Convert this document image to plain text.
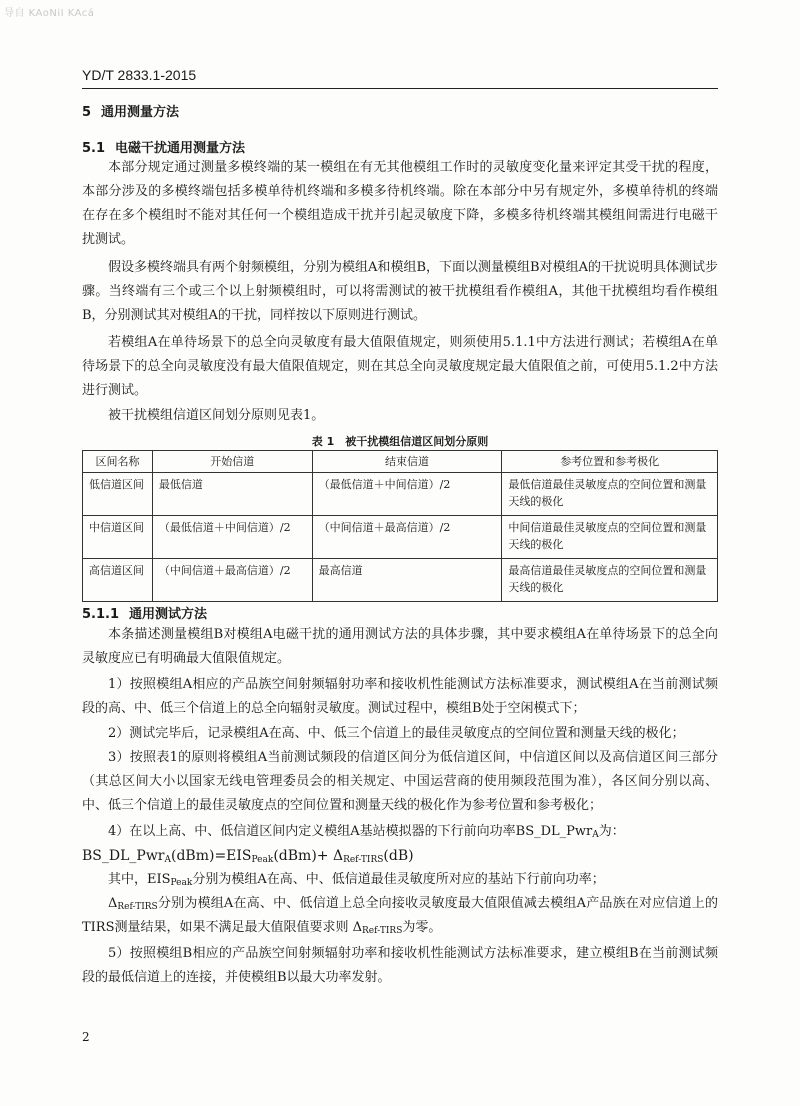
导自 KAoNiI KAcá
YD/T 2833.1-2015
5 通用测量方法
5.1 电磁干扰通用测量方法

本部分规定通过测量多模终端的某一模组在有无其他模组工作时的灵敏度变化量来评定其受干扰的程度，本部分涉及的多模终端包括多模单待机终端和多模多待机终端。除在本部分中另有规定外，多模单待机的终端在存在多个模组时不能对其任何一个模组造成干扰并引起灵敏度下降，多模多待机终端其模组间需进行电磁干扰测试。

假设多模终端具有两个射频模组，分别为模组A和模组B，下面以测量模组B对模组A的干扰说明具体测试步骤。当终端有三个或三个以上射频模组时，可以将需测试的被干扰模组看作模组A，其他干扰模组均看作模组B，分别测试其对模组A的干扰，同样按以下原则进行测试。

若模组A在单待场景下的总全向灵敏度有最大值限值规定，则须使用5.1.1中方法进行测试；若模组A在单待场景下的总全向灵敏度没有最大值限值规定，则在其总全向灵敏度规定最大值限值之前，可使用5.1.2中方法进行测试。

被干扰模组信道区间划分原则见表1。

表 1　被干扰模组信道区间划分原则
区间名称	开始信道	结束信道	参考位置和参考极化
低信道区间	最低信道	（最低信道＋中间信道）/2	最低信道最佳灵敏度点的空间位置和测量天线的极化
中信道区间	（最低信道＋中间信道）/2	（中间信道＋最高信道）/2	中间信道最佳灵敏度点的空间位置和测量天线的极化
高信道区间	（中间信道＋最高信道）/2	最高信道	最高信道最佳灵敏度点的空间位置和测量天线的极化
5.1.1 通用测试方法

本条描述测量模组B对模组A电磁干扰的通用测试方法的具体步骤，其中要求模组A在单待场景下的总全向灵敏度应已有明确最大值限值规定。

1）按照模组A相应的产品族空间射频辐射功率和接收机性能测试方法标准要求，测试模组A在当前测试频段的高、中、低三个信道上的总全向辐射灵敏度。测试过程中，模组B处于空闲模式下；

2）测试完毕后，记录模组A在高、中、低三个信道上的最佳灵敏度点的空间位置和测量天线的极化；

3）按照表1的原则将模组A当前测试频段的信道区间分为低信道区间，中信道区间以及高信道区间三部分（其总区间大小以国家无线电管理委员会的相关规定、中国运营商的使用频段范围为准），各区间分别以高、中、低三个信道上的最佳灵敏度点的空间位置和测量天线的极化作为参考位置和参考极化；

4）在以上高、中、低信道区间内定义模组A基站模拟器的下行前向功率BS_DL_Pwr$_A$为：

$BS\_DL\_Pwr_A(dBm)=EIS_{Peak}(dBm)+ \Delta_{Ref-TIRS}(dB)$

其中，$EIS_{Peak}$分别为模组A在高、中、低信道最佳灵敏度所对应的基站下行前向功率；

$\Delta_{Ref-TIRS}$分别为模组A在高、中、低信道上总全向接收灵敏度最大值限值减去模组A产品族在对应信道上的TIRS测量结果，如果不满足最大值限值要求则 $\Delta_{Ref-TIRS}$为零。

5）按照模组B相应的产品族空间射频辐射功率和接收机性能测试方法标准要求，建立模组B在当前测试频段的最低信道上的连接，并使模组B以最大功率发射。

2
